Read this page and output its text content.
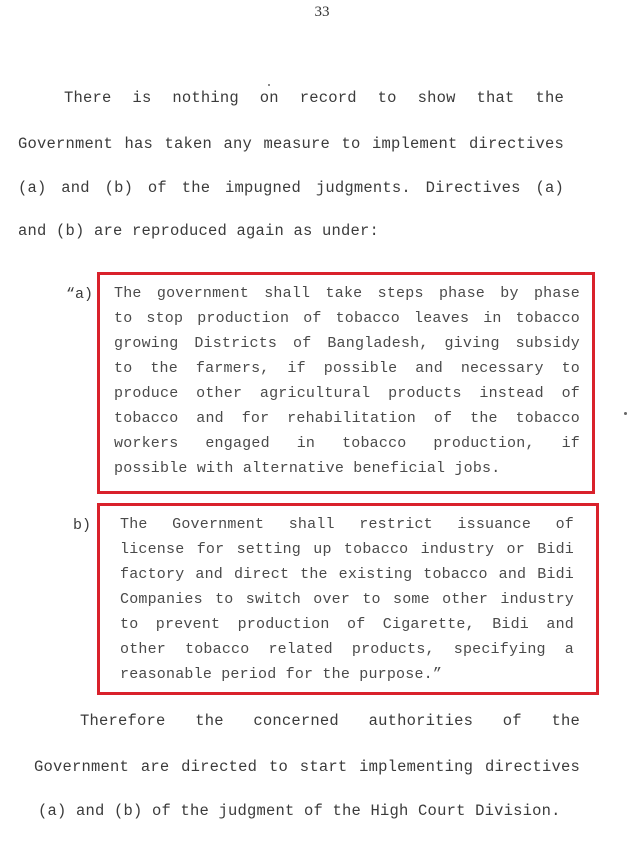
33
There is nothing on record to show that the
Government has taken any measure to implement directives
(a) and (b) of the impugned judgments. Directives (a)
and (b) are reproduced again as under:
“a) The government shall take steps phase by phase
to stop production of tobacco leaves in tobacco
growing Districts of Bangladesh, giving subsidy
to the farmers, if possible and necessary to
produce other agricultural products instead of
tobacco and for rehabilitation of the tobacco
workers engaged in tobacco production, if
possible with alternative beneficial jobs.
b) The Government shall restrict issuance of
license for setting up tobacco industry or Bidi
factory and direct the existing tobacco and Bidi
Companies to switch over to some other industry
to prevent production of Cigarette, Bidi and
other tobacco related products, specifying a
reasonable period for the purpose.”
Therefore the concerned authorities of the
Government are directed to start implementing directives
(a) and (b) of the judgment of the High Court Division.
